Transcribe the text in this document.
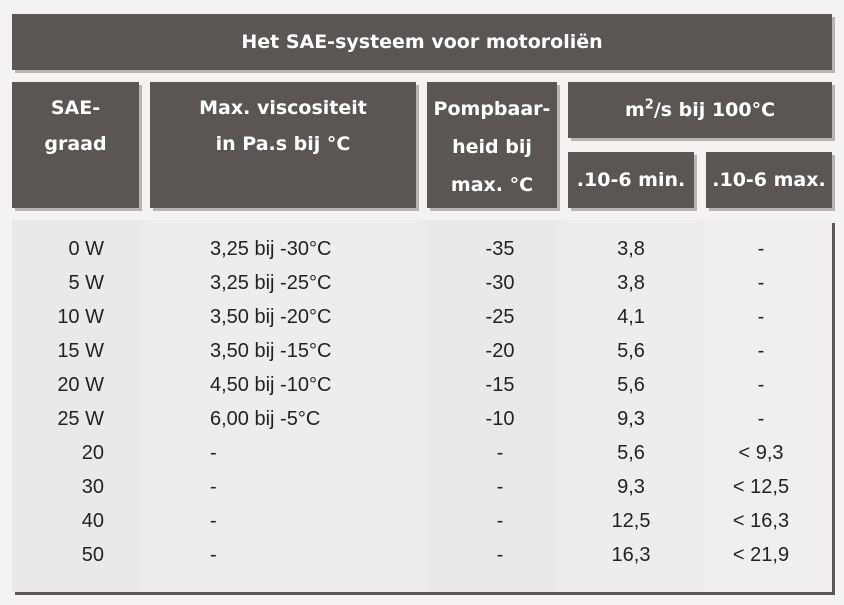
Het SAE-systeem voor motoroliën
SAE-
graad
Max. viscositeit
in Pa.s bij °C
Pompbaar-
heid bij
max. °C
$m^2/s$ bij 100°C
.10-6 min. .10-6 max.
0 W	3,25 bij -30°C	-35	3,8	-
5 W	3,25 bij -25°C	-30	3,8	-
10 W	3,50 bij -20°C	-25	4,1	-
15 W	3,50 bij -15°C	-20	5,6	-
20 W	4,50 bij -10°C	-15	5,6	-
25 W	6,00 bij -5°C	-10	9,3	-
20	-	-	5,6	< 9,3
30	-	-	9,3	< 12,5
40	-	-	12,5	< 16,3
50	-	-	16,3	< 21,9
